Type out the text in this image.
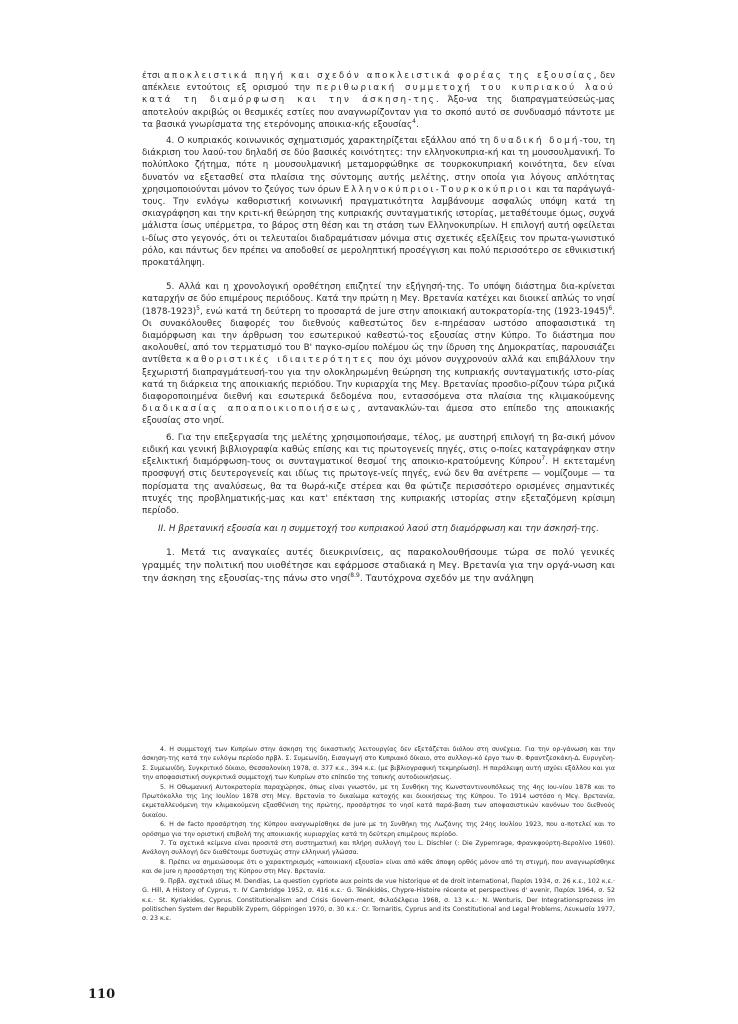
έτσι αποκλειστικά πηγή και σχεδόν αποκλειστικά φορέας της εξουσίας, δεν απέκλειε εντούτοις εξ ορισμού την περιθωριακή συμμετοχή του κυπριακού λαού κατά τη διαμόρφωση και την άσκηση-της. Άξο-να της διαπραγματεύσεώς-μας αποτελούν ακριβώς οι θεσμικές εστίες που αναγνωρίζονταν για το σκοπό αυτό σε συνδυασμό πάντοτε με τα βασικά γνωρίσματα της ετερόνομης αποικια-κής εξουσίας$^4$.

4. Ο κυπριακός κοινωνικός σχηματισμός χαρακτηρίζεται εξάλλου από τη δυαδική δομή-του, τη διάκριση του λαού-του δηλαδή σε δύο βασικές κοινότητες: την ελληνοκυπρια-κή και τη μουσουλμανική. Το πολύπλοκο ζήτημα, πότε η μουσουλμανική μεταμορφώθηκε σε τουρκοκυπριακή κοινότητα, δεν είναι δυνατόν να εξετασθεί στα πλαίσια της σύντομης αυτής μελέτης, στην οποία για λόγους απλότητας χρησιμοποιούνται μόνον το ζεύγος των όρων Ελληνοκύπριοι-Τουρκοκύπριοι και τα παράγωγά-τους. Την ενλόγω καθοριστική κοινωνική πραγματικότητα λαμβάνουμε ασφαλώς υπόψη κατά τη σκιαγράφηση και την κριτι-κή θεώρηση της κυπριακής συνταγματικής ιστορίας, μεταθέτουμε όμως, συχνά μάλιστα ίσως υπέρμετρα, το βάρος στη θέση και τη στάση των Ελληνοκυπρίων. Η επιλογή αυτή οφείλεται ι-δίως στο γεγονός, ότι οι τελευταίοι διαδραμάτισαν μόνιμα στις σχετικές εξελίξεις τον πρωτα-γωνιστικό ρόλο, και πάντως δεν πρέπει να αποδοθεί σε μεροληπτική προσέγγιση και πολύ περισσότερο σε εθνικιστική προκατάληψη.

5. Αλλά και η χρονολογική οροθέτηση επιζητεί την εξήγησή-της. Το υπόψη διάστημα δια-κρίνεται καταρχήν σε δύο επιμέρους περιόδους. Κατά την πρώτη η Μεγ. Βρετανία κατέχει και διοικεί απλώς το νησί (1878-1923)$^5$, ενώ κατά τη δεύτερη το προσαρτά de jure στην αποικιακή αυτοκρατορία-της (1923-1945)$^6$. Οι συνακόλουθες διαφορές του διεθνούς καθεστώτος δεν ε-πηρέασαν ωστόσο αποφασιστικά τη διαμόρφωση και την άρθρωση του εσωτερικού καθεστώ-τος εξουσίας στην Κύπρο. Το διάστημα που ακολουθεί, από τον τερματισμό του Β' παγκο-σμίου πολέμου ώς την ίδρυση της Δημοκρατίας, παρουσιάζει αντίθετα καθοριστικές ιδιαιτερότητες που όχι μόνον συγχρονούν αλλά και επιβάλλουν την ξεχωριστή διαπραγμάτευσή-του για την ολοκληρωμένη θεώρηση της κυπριακής συνταγματικής ιστο-ρίας κατά τη διάρκεια της αποικιακής περιόδου. Την κυριαρχία της Μεγ. Βρετανίας προσδιο-ρίζουν τώρα ριζικά διαφοροποιημένα διεθνή και εσωτερικά δεδομένα που, εντασσόμενα στα πλαίσια της κλιμακούμενης διαδικασίας αποαποικιοποιήσεως, αντανακλών-ται άμεσα στο επίπεδο της αποικιακής εξουσίας στο νησί.

6. Για την επεξεργασία της μελέτης χρησιμοποιήσαμε, τέλος, με αυστηρή επιλογή τη βα-σική μόνον ειδική και γενική βιβλιογραφία καθώς επίσης και τις πρωτογενείς πηγές, στις ο-ποίες καταγράφηκαν στην εξελικτική διαμόρφωση-τους οι συνταγματικοί θεσμοί της αποικιο-κρατούμενης Κύπρου$^7$. Η εκτεταμένη προσφυγή στις δευτερογενείς και ιδίως τις πρωτογε-νείς πηγές, ενώ δεν θα ανέτρεπε — νομίζουμε — τα πορίσματα της αναλύσεως, θα τα θωρά-κιζε στέρεα και θα φώτιζε περισσότερο ορισμένες σημαντικές πτυχές της προβληματικής-μας και κατ' επέκταση της κυπριακής ιστορίας στην εξεταζόμενη κρίσιμη περίοδο.

II. Η βρετανική εξουσία και η συμμετοχή του κυπριακού λαού στη διαμόρφωση και την άσκησή-της.

1. Μετά τις αναγκαίες αυτές διευκρινίσεις, ας παρακολουθήσουμε τώρα σε πολύ γενικές γραμμές την πολιτική που υιοθέτησε και εφάρμοσε σταδιακά η Μεγ. Βρετανία για την οργά-νωση και την άσκηση της εξουσίας-της πάνω στο νησί$^{8.9}$. Ταυτόχρονα σχεδόν με την ανάληψη

4. Η συμμετοχή των Κυπρίων στην άσκηση της δικαστικής λειτουργίας δεν εξετάζεται διόλου στη συνέχεια. Για την ορ-γάνωση και την άσκηση-της κατά την ενλόγω περίοδο πρβλ. Σ. Συμεωνίδη, Εισαγωγή στο Κυπριακό δίκαιο, στο συλλογι-κό έργο των Φ. Φραντζεσκάκη-Δ. Ευρυγένη-Σ. Συμεωνίδη, Συγκριτικό δίκαιο, Θεσσαλονίκη 1978, σ. 377 κ.ε., 394 κ.ε. (με βιβλιογραφική τεκμηρίωση). Η παράλειψη αυτή ισχύει εξάλλου και για την αποφασιστική συγκριτικά συμμετοχή των Κυπρίων στο επίπεδο της τοπικής αυτοδιοικήσεως.

5. Η Οθωμανική Αυτοκρατορία παραχώρησε, όπως είναι γνωστόν, με τη Συνθήκη της Κωνσταντινουπόλεως της 4ης Ιου-νίου 1878 και το Πρωτόκολλο της 1ης Ιουλίου 1878 στη Μεγ. Βρετανία το δικαίωμα κατοχής και διοικήσεως της Κύπρου. Το 1914 ωστόσο η Μεγ. Βρετανία, εκμεταλλευόμενη την κλιμακούμενη εξασθένιση της πρώτης, προσάρτησε το νησί κατά παρά-βαση των αποφασιστικών κανόνων του διεθνούς δικαίου.

6. Η de facto προσάρτηση της Κύπρου αναγνωρίσθηκε de jure με τη Συνθήκη της Λωζάνης της 24ης Ιουλίου 1923, που α-ποτελεί και το ορόσημο για την οριστική επιβολή της αποικιακής κυριαρχίας κατά τη δεύτερη επιμέρους περίοδο.

7. Τα σχετικά κείμενα είναι προσιτά στη συστηματική και πλήρη συλλογή του L. Dischler (: Die Zypernrage, Φρανκφούρτη-Βερολίνο 1960). Ανάλογη συλλογή δεν διαθέτουμε δυστυχώς στην ελληνική γλώσσα.

8. Πρέπει να σημειώσουμε ότι ο χαρακτηρισμός «αποικιακή εξουσία» είναι από κάθε άποψη ορθός μόνον από τη στιγμή, που αναγνωρίσθηκε και de jure η προσάρτηση της Κύπρου στη Μεγ. Βρετανία.

9. Πρβλ. σχετικά ιδίως M. Dendias, La question cypriote aux points de vue historique et de droit international, Παρίσι 1934, σ. 26 κ.ε., 102 κ.ε.· G. Hill, A History of Cyprus, τ. IV Cambridge 1952, σ. 416 κ.ε.· G. Ténékidès, Chypre-Histoire récente et perspectives d' avenir, Παρίσι 1964, σ. 52 κ.ε.· St. Kyriakides, Cyprus. Constitutionalism and Crisis Govern-ment, Φιλαδέλφεια 1968, σ. 13 κ.ε.· N. Wenturis, Der Integrationsprozess im politischen System der Republik Zypern, Göppingen 1970, σ. 30 κ.ε.· Cr. Tornaritis, Cyprus and its Constitutional and Legal Problems, Λευκωσία 1977, σ. 23 κ.ε.

110
